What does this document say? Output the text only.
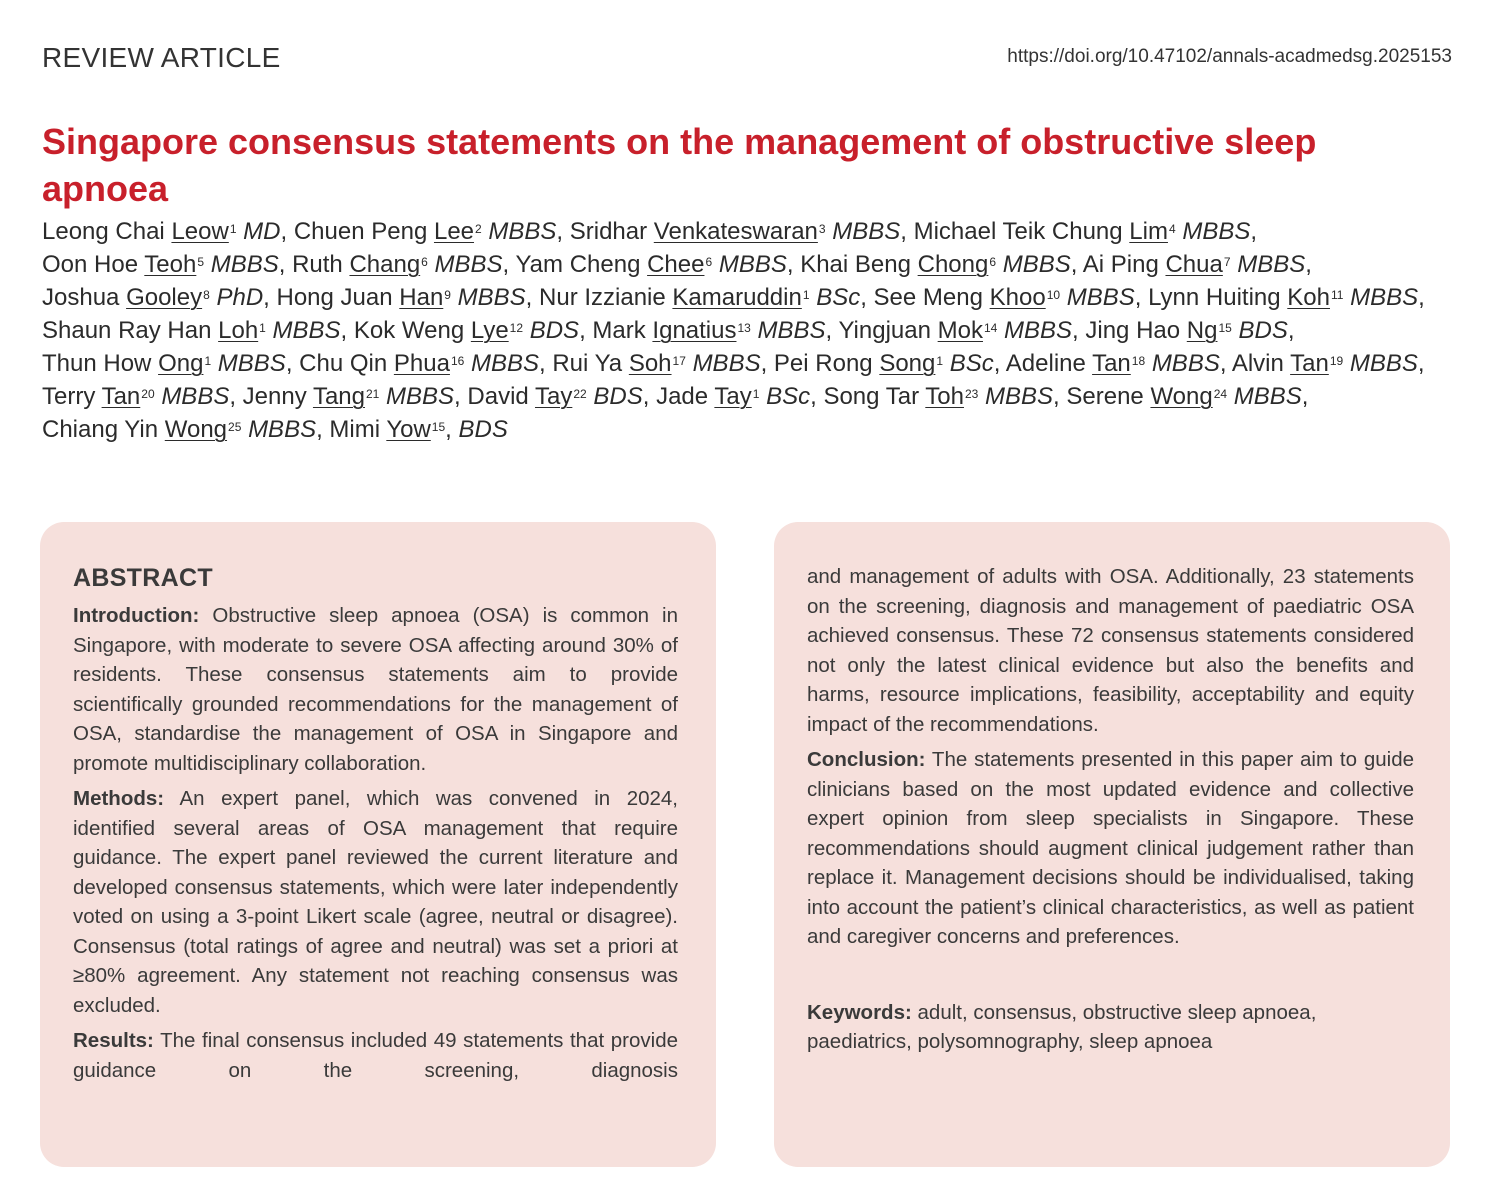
REVIEW ARTICLE	https://doi.org/10.47102/annals-acadmedsg.2025153
Singapore consensus statements on the management of obstructive sleep apnoea
Leong Chai Leow$^1$ MD, Chuen Peng Lee$^2$ MBBS, Sridhar Venkateswaran$^3$ MBBS, Michael Teik Chung Lim$^4$ MBBS, Oon Hoe Teoh$^5$ MBBS, Ruth Chang$^6$ MBBS, Yam Cheng Chee$^6$ MBBS, Khai Beng Chong$^6$ MBBS, Ai Ping Chua$^7$ MBBS, Joshua Gooley$^8$ PhD, Hong Juan Han$^9$ MBBS, Nur Izzianie Kamaruddin$^1$ BSc, See Meng Khoo$^{10}$ MBBS, Lynn Huiting Koh$^{11}$ MBBS, Shaun Ray Han Loh$^1$ MBBS, Kok Weng Lye$^{12}$ BDS, Mark Ignatius$^{13}$ MBBS, Yingjuan Mok$^{14}$ MBBS, Jing Hao Ng$^{15}$ BDS, Thun How Ong$^1$ MBBS, Chu Qin Phua$^{16}$ MBBS, Rui Ya Soh$^{17}$ MBBS, Pei Rong Song$^1$ BSc, Adeline Tan$^{18}$ MBBS, Alvin Tan$^{19}$ MBBS, Terry Tan$^{20}$ MBBS, Jenny Tang$^{21}$ MBBS, David Tay$^{22}$ BDS, Jade Tay$^1$ BSc, Song Tar Toh$^{23}$ MBBS, Serene Wong$^{24}$ MBBS, Chiang Yin Wong$^{25}$ MBBS, Mimi Yow$^{15}$, BDS
ABSTRACT

Introduction: Obstructive sleep apnoea (OSA) is common in Singapore, with moderate to severe OSA affecting around 30% of residents. These consensus statements aim to provide scientifically grounded recommendations for the management of OSA, standardise the management of OSA in Singapore and promote multidisciplinary collaboration.

Methods: An expert panel, which was convened in 2024, identified several areas of OSA management that require guidance. The expert panel reviewed the current literature and developed consensus statements, which were later independently voted on using a 3-point Likert scale (agree, neutral or disagree). Consensus (total ratings of agree and neutral) was set a priori at ≥80% agreement. Any statement not reaching consensus was excluded.

Results: The final consensus included 49 statements that provide guidance on the screening, diagnosis

and management of adults with OSA. Additionally, 23 statements on the screening, diagnosis and management of paediatric OSA achieved consensus. These 72 consensus statements considered not only the latest clinical evidence but also the benefits and harms, resource implications, feasibility, acceptability and equity impact of the recommendations.

Conclusion: The statements presented in this paper aim to guide clinicians based on the most updated evidence and collective expert opinion from sleep specialists in Singapore. These recommendations should augment clinical judgement rather than replace it. Management decisions should be individualised, taking into account the patient’s clinical characteristics, as well as patient and caregiver concerns and preferences.

Keywords: adult, consensus, obstructive sleep apnoea, paediatrics, polysomnography, sleep apnoea
